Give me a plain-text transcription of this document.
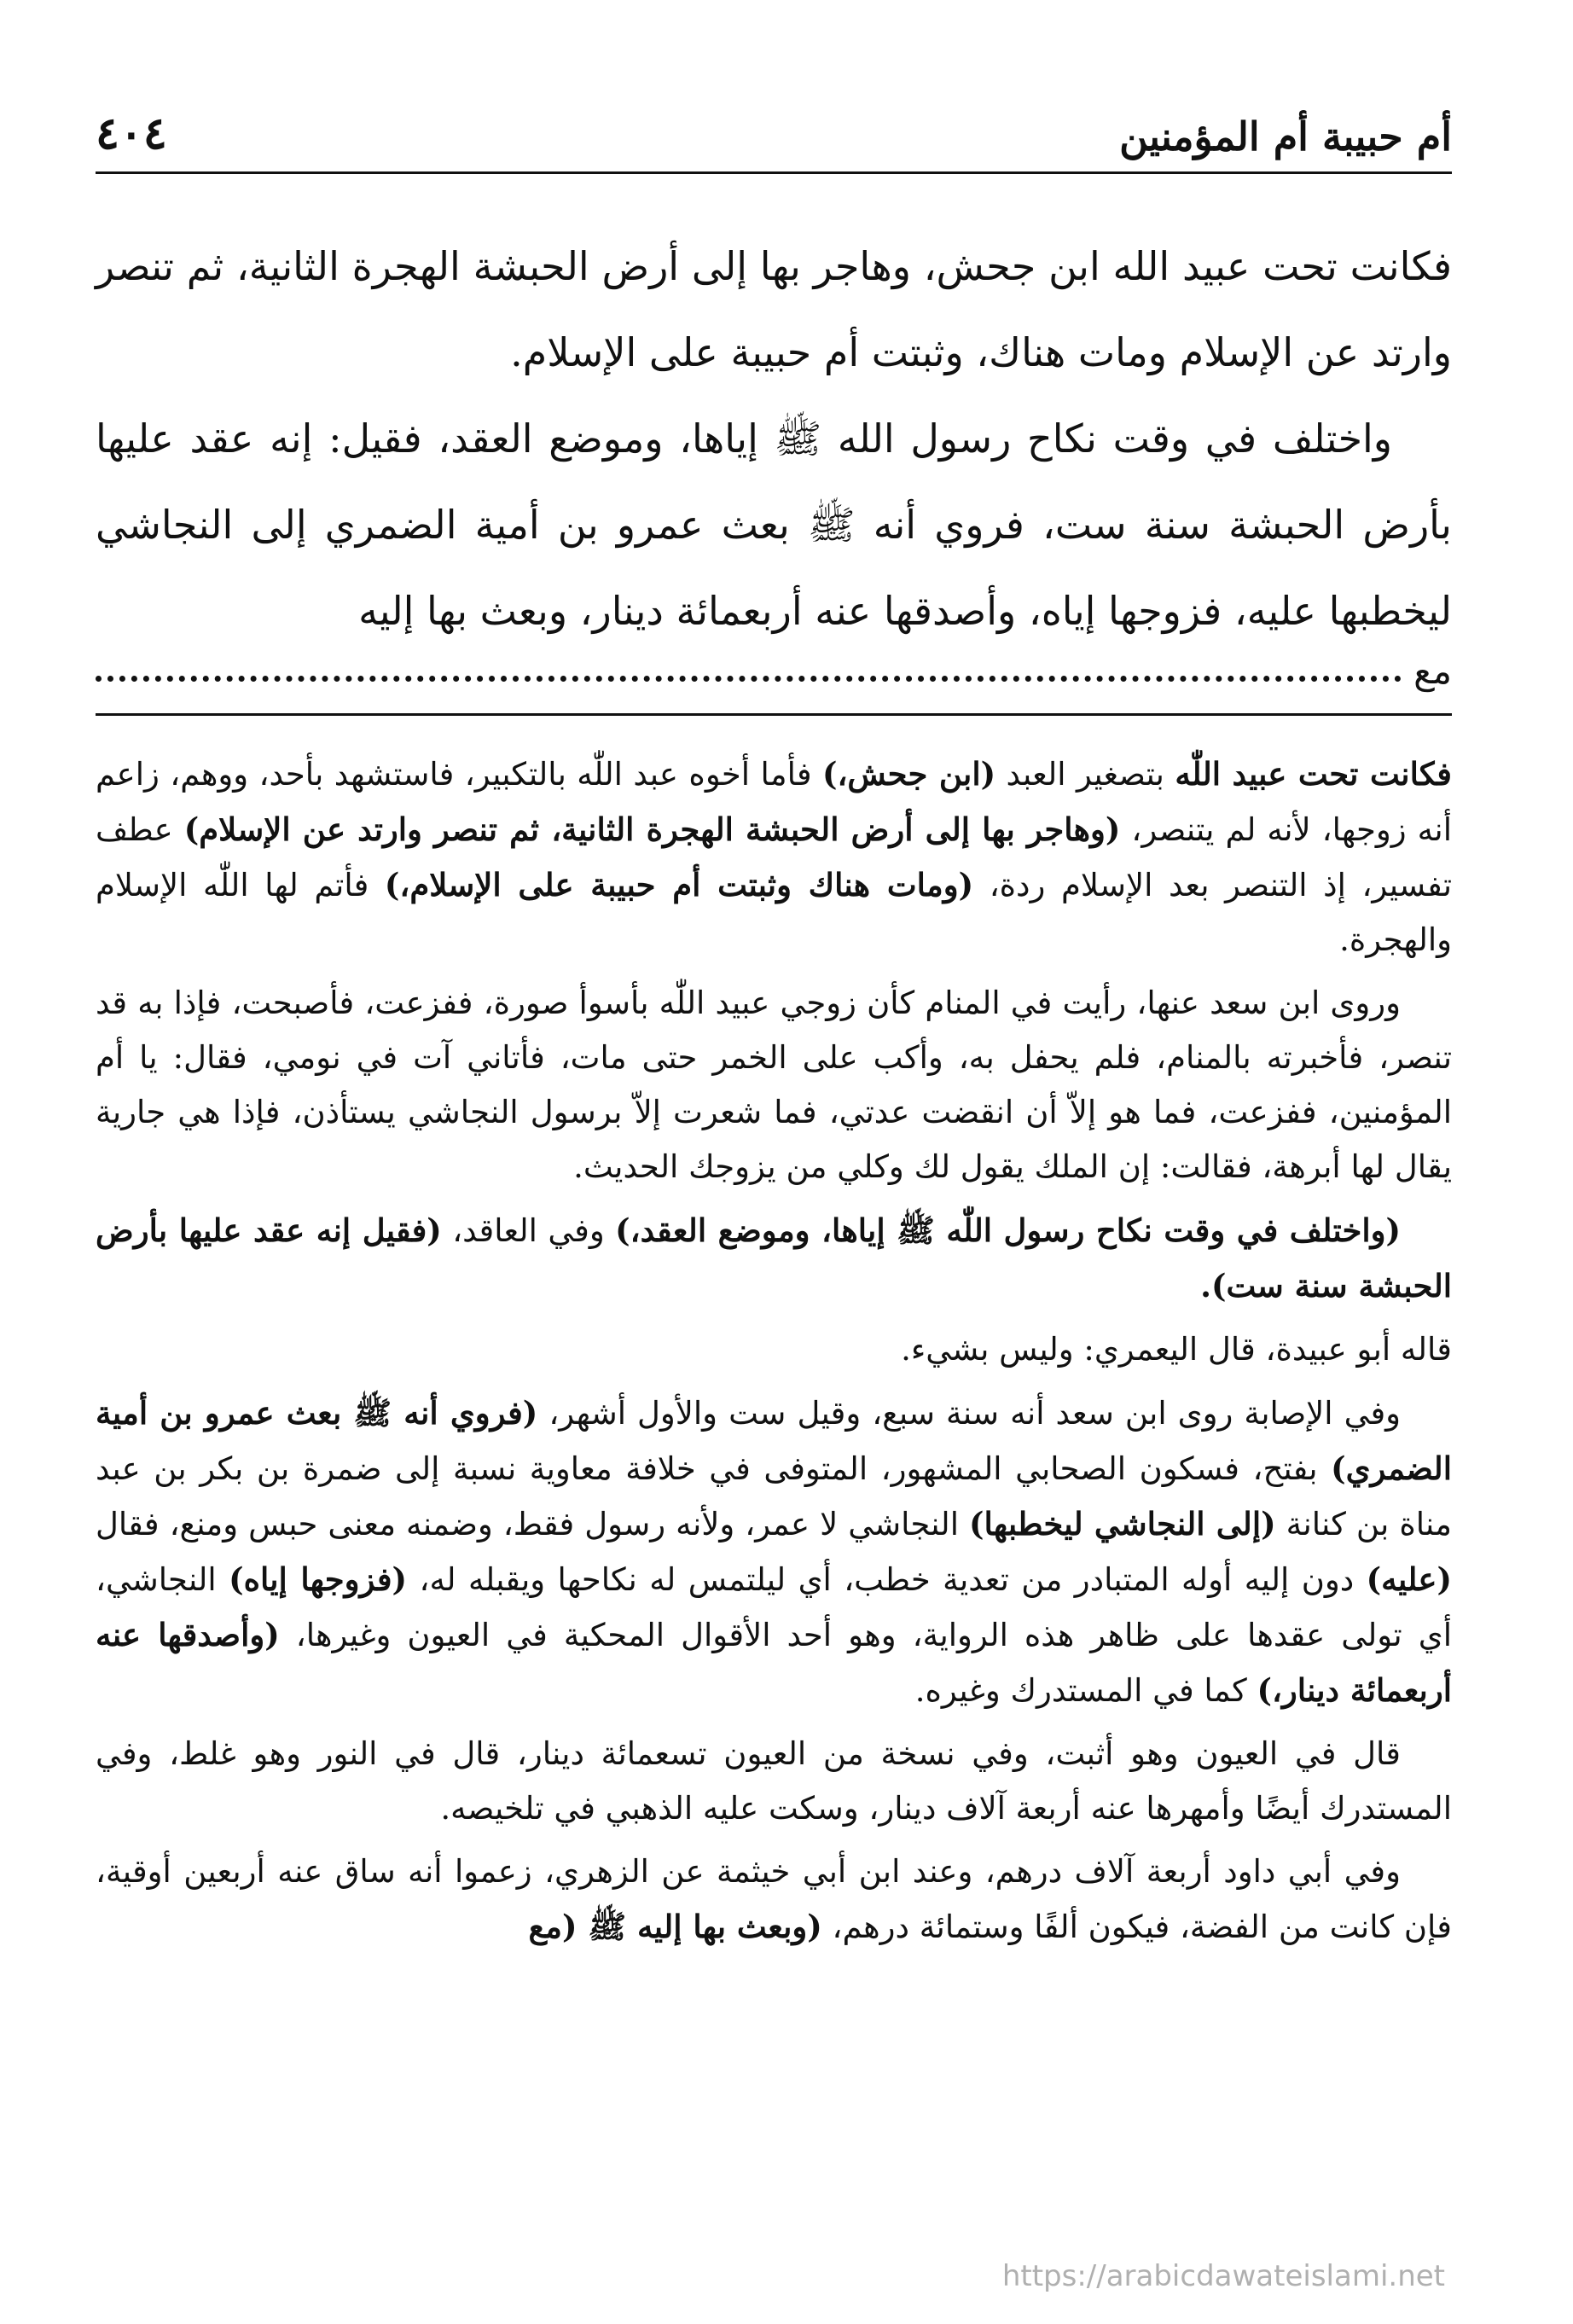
أم حبيبة أم المؤمنين
٤٠٤

فكانت تحت عبيد الله ابن جحش، وهاجر بها إلى أرض الحبشة الهجرة الثانية، ثم تنصر وارتد عن الإسلام ومات هناك، وثبتت أم حبيبة على الإسلام.

واختلف في وقت نكاح رسول الله ﷺ إياها، وموضع العقد، فقيل: إنه عقد عليها بأرض الحبشة سنة ست، فروي أنه ﷺ بعث عمرو بن أمية الضمري إلى النجاشي ليخطبها عليه، فزوجها إياه، وأصدقها عنه أربعمائة دينار، وبعث بها إليه

مع

فكانت تحت عبيد اللّٰه بتصغير العبد (ابن جحش،) فأما أخوه عبد اللّٰه بالتكبير، فاستشهد بأحد، ووهم، زاعم أنه زوجها، لأنه لم يتنصر، (وهاجر بها إلى أرض الحبشة الهجرة الثانية، ثم تنصر وارتد عن الإسلام) عطف تفسير، إذ التنصر بعد الإسلام ردة، (ومات هناك وثبتت أم حبيبة على الإسلام،) فأتم لها اللّٰه الإسلام والهجرة.

وروى ابن سعد عنها، رأيت في المنام كأن زوجي عبيد اللّٰه بأسوأ صورة، ففزعت، فأصبحت، فإذا به قد تنصر، فأخبرته بالمنام، فلم يحفل به، وأكب على الخمر حتى مات، فأتاني آت في نومي، فقال: يا أم المؤمنين، ففزعت، فما هو إلاّ أن انقضت عدتي، فما شعرت إلاّ برسول النجاشي يستأذن، فإذا هي جارية يقال لها أبرهة، فقالت: إن الملك يقول لك وكلي من يزوجك الحديث.

(واختلف في وقت نكاح رسول اللّٰه ﷺ إياها، وموضع العقد،) وفي العاقد، (فقيل إنه عقد عليها بأرض الحبشة سنة ست).

قاله أبو عبيدة، قال اليعمري: وليس بشيء.

وفي الإصابة روى ابن سعد أنه سنة سبع، وقيل ست والأول أشهر، (فروي أنه ﷺ بعث عمرو بن أمية الضمري) بفتح، فسكون الصحابي المشهور، المتوفى في خلافة معاوية نسبة إلى ضمرة بن بكر بن عبد مناة بن كنانة (إلى النجاشي ليخطبها) النجاشي لا عمر، ولأنه رسول فقط، وضمنه معنى حبس ومنع، فقال (عليه) دون إليه أوله المتبادر من تعدية خطب، أي ليلتمس له نكاحها ويقبله له، (فزوجها إياه) النجاشي، أي تولى عقدها على ظاهر هذه الرواية، وهو أحد الأقوال المحكية في العيون وغيرها، (وأصدقها عنه أربعمائة دينار،) كما في المستدرك وغيره.

قال في العيون وهو أثبت، وفي نسخة من العيون تسعمائة دينار، قال في النور وهو غلط، وفي المستدرك أيضًا وأمهرها عنه أربعة آلاف دينار، وسكت عليه الذهبي في تلخيصه.

وفي أبي داود أربعة آلاف درهم، وعند ابن أبي خيثمة عن الزهري، زعموا أنه ساق عنه أربعين أوقية، فإن كانت من الفضة، فيكون ألفًا وستمائة درهم، (وبعث بها إليه ﷺ (مع

https://arabicdawateislami.net
